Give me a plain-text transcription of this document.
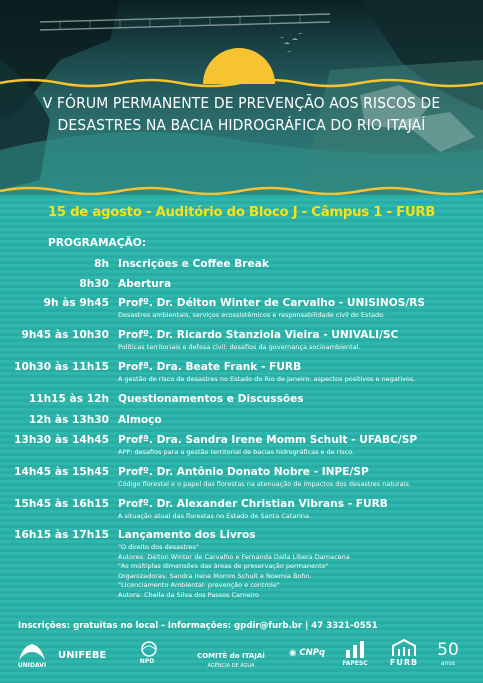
V FÓRUM PERMANENTE DE PREVENÇÃO AOS RISCOS DE
DESASTRES NA BACIA HIDROGRÁFICA DO RIO ITAJAÍ
15 de agosto - Auditório do Bloco J - Câmpus 1 - FURB
PROGRAMAÇÃO:
8h Inscrições e Coffee Break
8h30 Abertura
9h às 9h45 Profº. Dr. Délton Winter de Carvalho - UNISINOS/RS
Desastres ambientais, serviços ecossistêmicos e responsabilidade civil do Estado.
9h45 às 10h30 Profº. Dr. Ricardo Stanziola Vieira - UNIVALI/SC
Políticas territoriais e defesa civil: desafios da governança socioambiental.
10h30 às 11h15 Profª. Dra. Beate Frank - FURB
A gestão de risco de desastres no Estado do Rio de Janeiro: aspectos positivos e negativos.
11h15 às 12h Questionamentos e Discussões
12h às 13h30 Almoço
13h30 às 14h45 Profª. Dra. Sandra Irene Momm Schult - UFABC/SP
APP: desafios para a gestão territorial de bacias hidrográficas e de risco.
14h45 às 15h45 Profº. Dr. Antônio Donato Nobre - INPE/SP
Código florestal e o papel das florestas na atenuação de impactos dos desastres naturais.
15h45 às 16h15 Profº. Dr. Alexander Christian Vibrans - FURB
A situação atual das florestas no Estado de Santa Catarina.
16h15 às 17h15 Lançamento dos Livros
"O direito dos desastres"
Autores: Délton Winter de Carvalho e Fernanda Dalla Libera Damacena
"As múltiplas dimensões das áreas de preservação permanente"
Organizadoras: Sandra Irene Momm Schult e Noemia Bohn.
"Licenciamento Ambiental: prevenção e controle"
Autora: Cheila da Silva dos Passos Carneiro
Inscrições: gratuitas no local - Informações: gpdir@furb.br | 47 3321-0551
UNIDAVI
UNIFEBE
NPD
COMITÊ do ITAJAÍ
AGÊNCIA DE ÁGUA
◉ CNPq
FAPESC	FURB
50
anos
